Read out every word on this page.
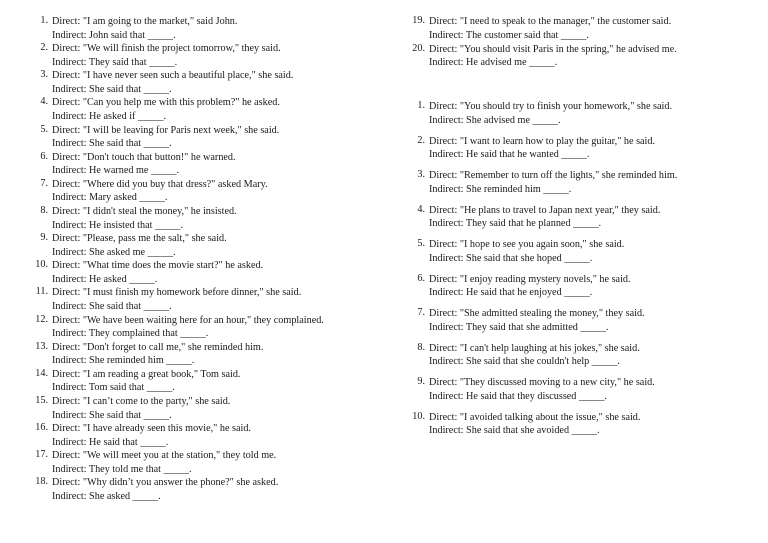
1. Direct: "I am going to the market," said John.
Indirect: John said that _____.
2. Direct: "We will finish the project tomorrow," they said.
Indirect: They said that _____.
3. Direct: "I have never seen such a beautiful place," she said.
Indirect: She said that _____.
4. Direct: "Can you help me with this problem?" he asked.
Indirect: He asked if _____.
5. Direct: "I will be leaving for Paris next week," she said.
Indirect: She said that _____.
6. Direct: "Don't touch that button!" he warned.
Indirect: He warned me _____.
7. Direct: "Where did you buy that dress?" asked Mary.
Indirect: Mary asked _____.
8. Direct: "I didn't steal the money," he insisted.
Indirect: He insisted that _____.
9. Direct: "Please, pass me the salt," she said.
Indirect: She asked me _____.
10. Direct: "What time does the movie start?" he asked.
Indirect: He asked _____.
11. Direct: "I must finish my homework before dinner," she said.
Indirect: She said that _____.
12. Direct: "We have been waiting here for an hour," they complained.
Indirect: They complained that _____.
13. Direct: "Don't forget to call me," she reminded him.
Indirect: She reminded him _____.
14. Direct: "I am reading a great book," Tom said.
Indirect: Tom said that _____.
15. Direct: "I can’t come to the party," she said.
Indirect: She said that _____.
16. Direct: "I have already seen this movie," he said.
Indirect: He said that _____.
17. Direct: "We will meet you at the station," they told me.
Indirect: They told me that _____.
18. Direct: "Why didn’t you answer the phone?" she asked.
Indirect: She asked _____.
19. Direct: "I need to speak to the manager," the customer said.
Indirect: The customer said that _____.
20. Direct: "You should visit Paris in the spring," he advised me.
Indirect: He advised me _____.
1. Direct: "You should try to finish your homework," she said.
Indirect: She advised me _____.
2. Direct: "I want to learn how to play the guitar," he said.
Indirect: He said that he wanted _____.
3. Direct: "Remember to turn off the lights," she reminded him.
Indirect: She reminded him _____.
4. Direct: "He plans to travel to Japan next year," they said.
Indirect: They said that he planned _____.
5. Direct: "I hope to see you again soon," she said.
Indirect: She said that she hoped _____.
6. Direct: "I enjoy reading mystery novels," he said.
Indirect: He said that he enjoyed _____.
7. Direct: "She admitted stealing the money," they said.
Indirect: They said that she admitted _____.
8. Direct: "I can't help laughing at his jokes," she said.
Indirect: She said that she couldn't help _____.
9. Direct: "They discussed moving to a new city," he said.
Indirect: He said that they discussed _____.
10. Direct: "I avoided talking about the issue," she said.
Indirect: She said that she avoided _____.
